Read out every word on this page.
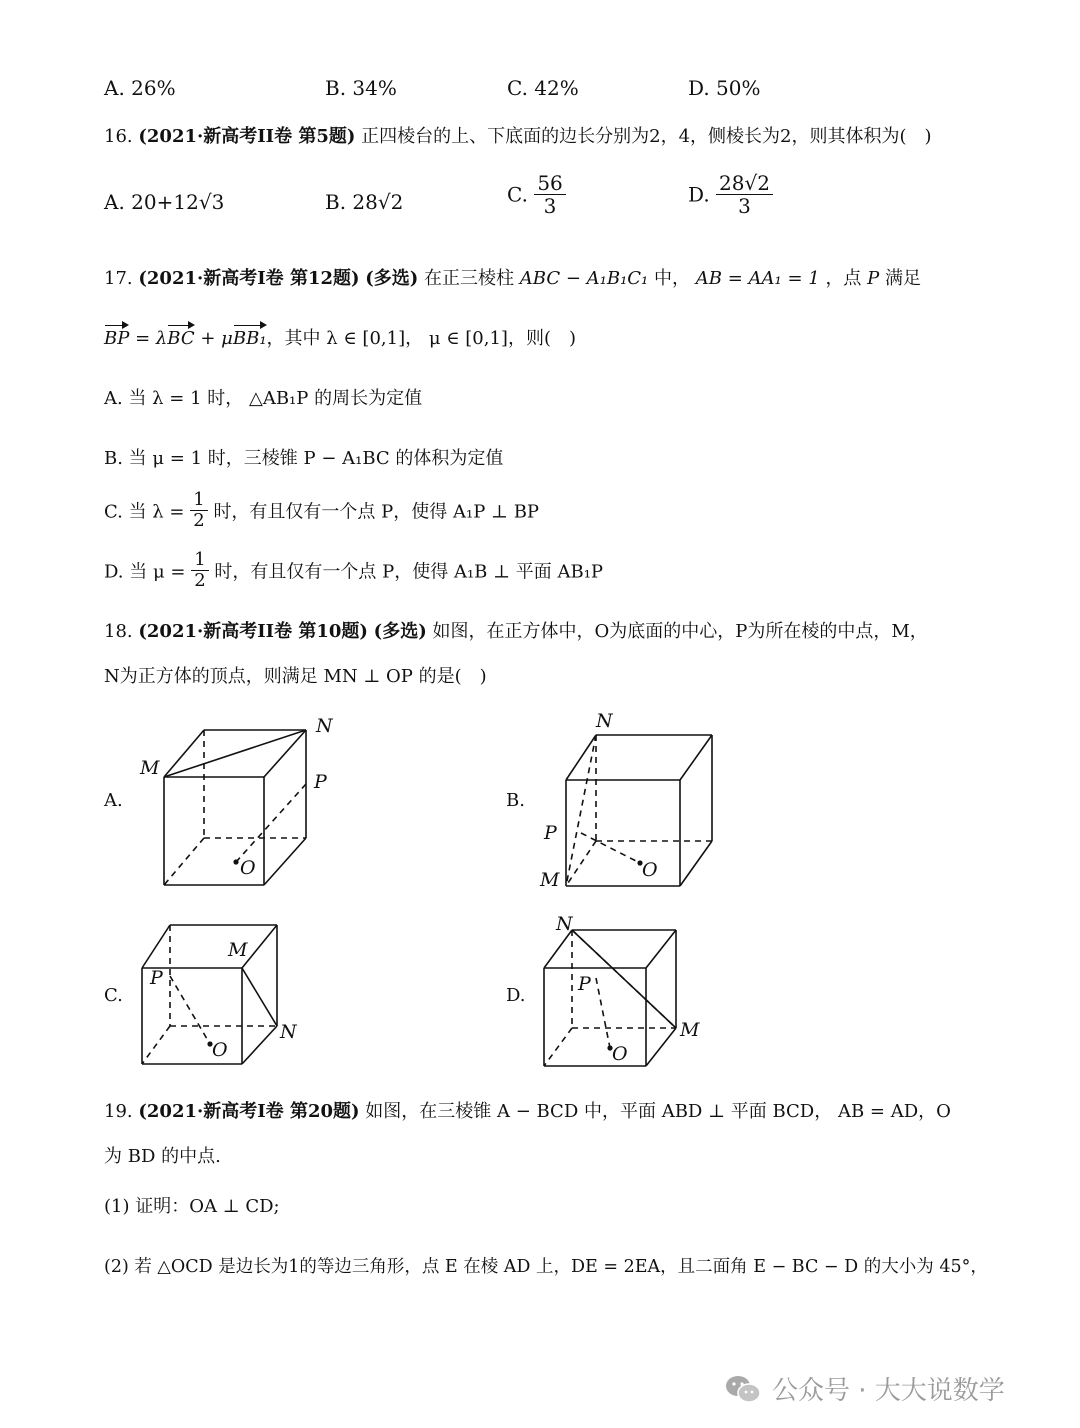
A. 26%	B. 34%	C. 42%	D. 50%
16. (2021·新高考II卷 第5题) 正四棱台的上、下底面的边长分别为2，4，侧棱长为2，则其体积为(　)
A. 20+12√3	B. 28√2	C. $\frac{56}{3}$	D. $\frac{28√2}{3}$
17. (2021·新高考I卷 第12题) (多选) 在正三棱柱 ABC − A₁B₁C₁ 中， AB = AA₁ = 1 ，点 P 满足
BP = λBC + μBB₁，其中 λ ∈ [0,1]， μ ∈ [0,1]，则(　)
A. 当 λ = 1 时， △AB₁P 的周长为定值
B. 当 μ = 1 时，三棱锥 P − A₁BC 的体积为定值
C. 当 $\lambda = \frac{1}{2}$ 时，有且仅有一个点 P，使得 A₁P ⊥ BP
D. 当 $\mu = \frac{1}{2}$ 时，有且仅有一个点 P，使得 A₁B ⊥ 平面 AB₁P
18. (2021·新高考II卷 第10题) (多选) 如图，在正方体中，O为底面的中心，P为所在棱的中点，M，
N为正方体的顶点，则满足 MN ⊥ OP 的是(　)
A.	B.
C.	D.
M
N
P
O
N
P
M	O
M
P
N
O
N
P
M
O
19. (2021·新高考I卷 第20题) 如图，在三棱锥 A − BCD 中，平面 ABD ⊥ 平面 BCD， AB = AD，O
为 BD 的中点.
(1) 证明：OA ⊥ CD;
(2) 若 △OCD 是边长为1的等边三角形，点 E 在棱 AD 上，DE = 2EA，且二面角 E − BC − D 的大小为 45°，
公众号 · 大大说数学
